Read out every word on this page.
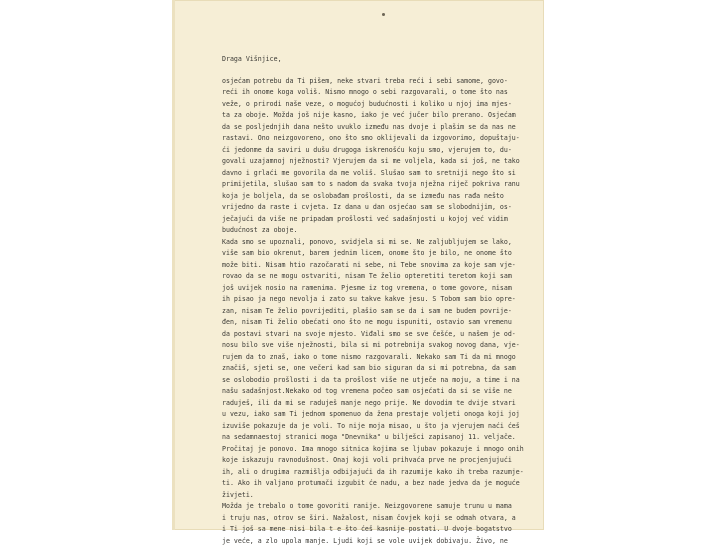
Draga Višnjice,
osjećam potrebu da Ti pišem, neke stvari treba reći i sebi samome, govo-
reći ih onome koga voliš. Nismo mnogo o sebi razgovarali, o tome što nas
veže, o prirodi naše veze, o mogućoj budućnosti i koliko u njoj ima mjes-
ta za oboje. Možda još nije kasno, iako je već jučer bilo prerano. Osjećam
da se posljednjih dana nešto uvuklo između nas dvoje i plašim se da nas ne
rastavi. Ono neizgovoreno, ono što smo oklijevali da izgovorimo, dopuštaju-
ći jedonme da saviri u dušu drugoga iskrenošću koju smo, vjerujem to, du-
govali uzajamnoj nježnosti? Vjerujem da si me voljela, kada si još, ne tako
davno i grlaći me govorila da me voliš. Slušao sam to sretniji nego što si
primijetila, slušao sam to s nadom da svaka tvoja nježna riječ pokriva ranu
koja je boljela, da se oslobađam prošlosti, da se između nas rađa nešto
vrijedno da raste i cvjeta. Iz dana u dan osjećao sam se slobodnijim, os-
ječajući da više ne pripadam prošlosti već sadašnjosti u kojoj već vidim
budućnost za oboje.
Kada smo se upoznali, ponovo, svidjela si mi se. Ne zaljubljujem se lako,
više sam bio okrenut, barem jednim licem, onome što je bilo, ne onome što
može biti. Nisam htio razočarati ni sebe, ni Tebe snovima za koje sam vje-
rovao da se ne mogu ostvariti, nisam Te želio opteretiti teretom koji sam
još uvijek nosio na ramenima. Pjesme iz tog vremena, o tome govore, nisam
ih pisao ja nego nevolja i zato su takve kakve jesu. S Tobom sam bio opre-
zan, nisam Te želio povrijediti, plašio sam se da i sam ne budem povrije-
đen, nisam Ti želio obećati ono što ne mogu ispuniti, ostavio sam vremenu
da postavi stvari na svoje mjesto. Viđali smo se sve češće, u našem je od-
nosu bilo sve više nježnosti, bila si mi potrebnija svakog novog dana, vje-
rujem da to znaš, iako o tome nismo razgovarali. Nekako sam Ti da mi mnogo
značiš, sjeti se, one večeri kad sam bio siguran da si mi potrebna, da sam
se oslobodio prošlosti i da ta prošlost više ne utječe na moju, a time i na
našu sadašnjost.Nekako od tog vremena počeo sam osjećati da si se više ne
raduješ, ili da mi se raduješ manje nego prije. Ne dovodim te dvije stvari
u vezu, iako sam Ti jednom spomenuo da žena prestaje voljeti onoga koji joj
izuviše pokazuje da je voli. To nije moja misao, u što ja vjerujem naći ćeš
na sedamnaestoj stranici moga "Dnevnika" u bilješci zapisanoj 11. veljače.
Pročitaj je ponovo. Ima mnogo sitnica kojima se ljubav pokazuje i mnogo onih
koje iskazuju ravnodušnost. Onaj koji voli prihvaća prve ne procjenjujući
ih, ali o drugima razmišlja odbijajući da ih razumije kako ih treba razumje-
ti. Ako ih valjano protumači izgubit će nadu, a bez nade jedva da je moguće
živjeti.
Možda je trebalo o tome govoriti ranije. Neizgovorene samuje trunu u mama
i truju nas, otrov se širi. Nažalost, nisam čovjek koji se odmah otvara, a
i Ti još sa mene nisi bila t e što ćeš kasnije postati. U dvoje bogatstvo
je veće, a zlo upola manje. Ljudi koji se vole uvijek dobivaju. Živo, ne
